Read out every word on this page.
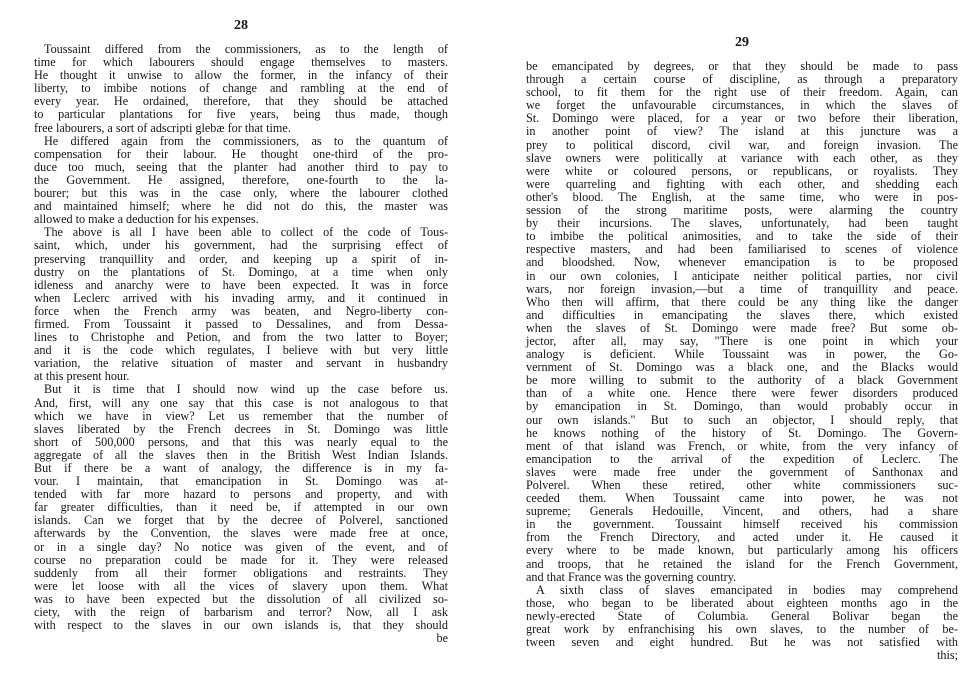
28
Toussaint differed from the commissioners, as to the length of
time for which labourers should engage themselves to masters.
He thought it unwise to allow the former, in the infancy of their
liberty, to imbibe notions of change and rambling at the end of
every year. He ordained, therefore, that they should be attached
to particular plantations for five years, being thus made, though
free labourers, a sort of adscripti glebæ for that time.
He differed again from the commissioners, as to the quantum of
compensation for their labour. He thought one-third of the pro-
duce too much, seeing that the planter had another third to pay to
the Government. He assigned, therefore, one-fourth to the la-
bourer; but this was in the case only, where the labourer clothed
and maintained himself; where he did not do this, the master was
allowed to make a deduction for his expenses.
The above is all I have been able to collect of the code of Tous-
saint, which, under his government, had the surprising effect of
preserving tranquillity and order, and keeping up a spirit of in-
dustry on the plantations of St. Domingo, at a time when only
idleness and anarchy were to have been expected. It was in force
when Leclerc arrived with his invading army, and it continued in
force when the French army was beaten, and Negro-liberty con-
firmed. From Toussaint it passed to Dessalines, and from Dessa-
lines to Christophe and Petion, and from the two latter to Boyer;
and it is the code which regulates, I believe with but very little
variation, the relative situation of master and servant in husbandry
at this present hour.
But it is time that I should now wind up the case before us.
And, first, will any one say that this case is not analogous to that
which we have in view? Let us remember that the number of
slaves liberated by the French decrees in St. Domingo was little
short of 500,000 persons, and that this was nearly equal to the
aggregate of all the slaves then in the British West Indian Islands.
But if there be a want of analogy, the difference is in my fa-
vour. I maintain, that emancipation in St. Domingo was at-
tended with far more hazard to persons and property, and with
far greater difficulties, than it need be, if attempted in our own
islands. Can we forget that by the decree of Polverel, sanctioned
afterwards by the Convention, the slaves were made free at once,
or in a single day? No notice was given of the event, and of
course no preparation could be made for it. They were released
suddenly from all their former obligations and restraints. They
were let loose with all the vices of slavery upon them. What
was to have been expected but the dissolution of all civilized so-
ciety, with the reign of barbarism and terror? Now, all I ask
with respect to the slaves in our own islands is, that they should
be
29
be emancipated by degrees, or that they should be made to pass
through a certain course of discipline, as through a preparatory
school, to fit them for the right use of their freedom. Again, can
we forget the unfavourable circumstances, in which the slaves of
St. Domingo were placed, for a year or two before their liberation,
in another point of view? The island at this juncture was a
prey to political discord, civil war, and foreign invasion. The
slave owners were politically at variance with each other, as they
were white or coloured persons, or republicans, or royalists. They
were quarreling and fighting with each other, and shedding each
other's blood. The English, at the same time, who were in pos-
session of the strong maritime posts, were alarming the country
by their incursions. The slaves, unfortunately, had been taught
to imbibe the political animosities, and to take the side of their
respective masters, and had been familiarised to scenes of violence
and bloodshed. Now, whenever emancipation is to be proposed
in our own colonies, I anticipate neither political parties, nor civil
wars, nor foreign invasion,—but a time of tranquillity and peace.
Who then will affirm, that there could be any thing like the danger
and difficulties in emancipating the slaves there, which existed
when the slaves of St. Domingo were made free? But some ob-
jector, after all, may say, "There is one point in which your
analogy is deficient. While Toussaint was in power, the Go-
vernment of St. Domingo was a black one, and the Blacks would
be more willing to submit to the authority of a black Government
than of a white one. Hence there were fewer disorders produced
by emancipation in St. Domingo, than would probably occur in
our own islands." But to such an objector, I should reply, that
he knows nothing of the history of St. Domingo. The Govern-
ment of that island was French, or white, from the very infancy of
emancipation to the arrival of the expedition of Leclerc. The
slaves were made free under the government of Santhonax and
Polverel. When these retired, other white commissioners suc-
ceeded them. When Toussaint came into power, he was not
supreme; Generals Hedouille, Vincent, and others, had a share
in the government. Toussaint himself received his commission
from the French Directory, and acted under it. He caused it
every where to be made known, but particularly among his officers
and troops, that he retained the island for the French Government,
and that France was the governing country.
A sixth class of slaves emancipated in bodies may comprehend
those, who began to be liberated about eighteen months ago in the
newly-erected State of Columbia. General Bolivar began the
great work by enfranchising his own slaves, to the number of be-
tween seven and eight hundred. But he was not satisfied with
this;
